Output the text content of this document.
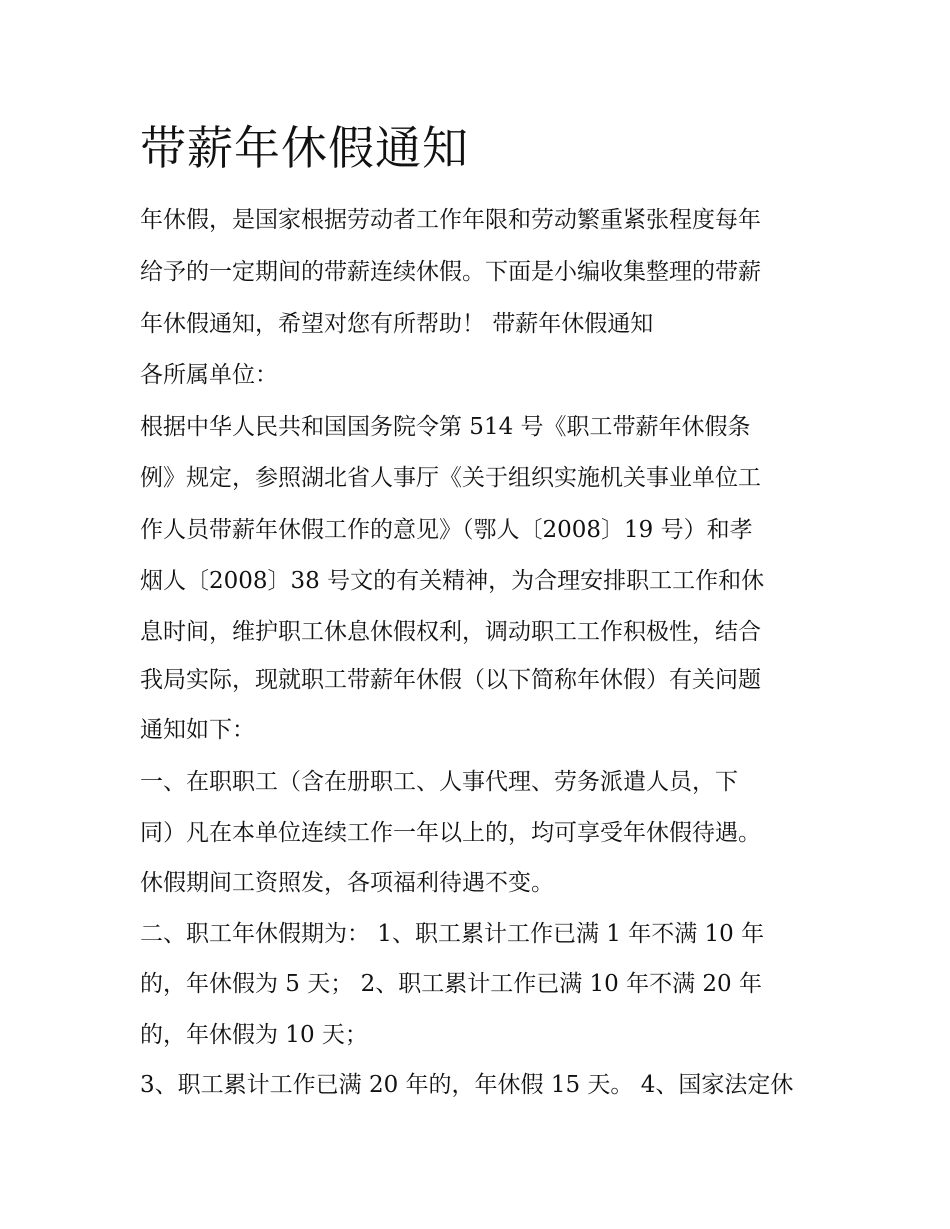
带薪年休假通知

年休假，是国家根据劳动者工作年限和劳动繁重紧张程度每年

给予的一定期间的带薪连续休假。下面是小编收集整理的带薪

年休假通知，希望对您有所帮助！ 带薪年休假通知

各所属单位：

根据中华人民共和国国务院令第 514 号《职工带薪年休假条

例》规定，参照湖北省人事厅《关于组织实施机关事业单位工

作人员带薪年休假工作的意见》（鄂人〔2008〕19 号）和孝

烟人〔2008〕38 号文的有关精神，为合理安排职工工作和休

息时间，维护职工休息休假权利，调动职工工作积极性，结合

我局实际，现就职工带薪年休假（以下简称年休假）有关问题

通知如下：

一、在职职工（含在册职工、人事代理、劳务派遣人员，下

同）凡在本单位连续工作一年以上的，均可享受年休假待遇。

休假期间工资照发，各项福利待遇不变。

二、职工年休假期为： 1、职工累计工作已满 1 年不满 10 年

的，年休假为 5 天； 2、职工累计工作已满 10 年不满 20 年

的，年休假为 10 天；

3、职工累计工作已满 20 年的，年休假 15 天。 4、国家法定休
